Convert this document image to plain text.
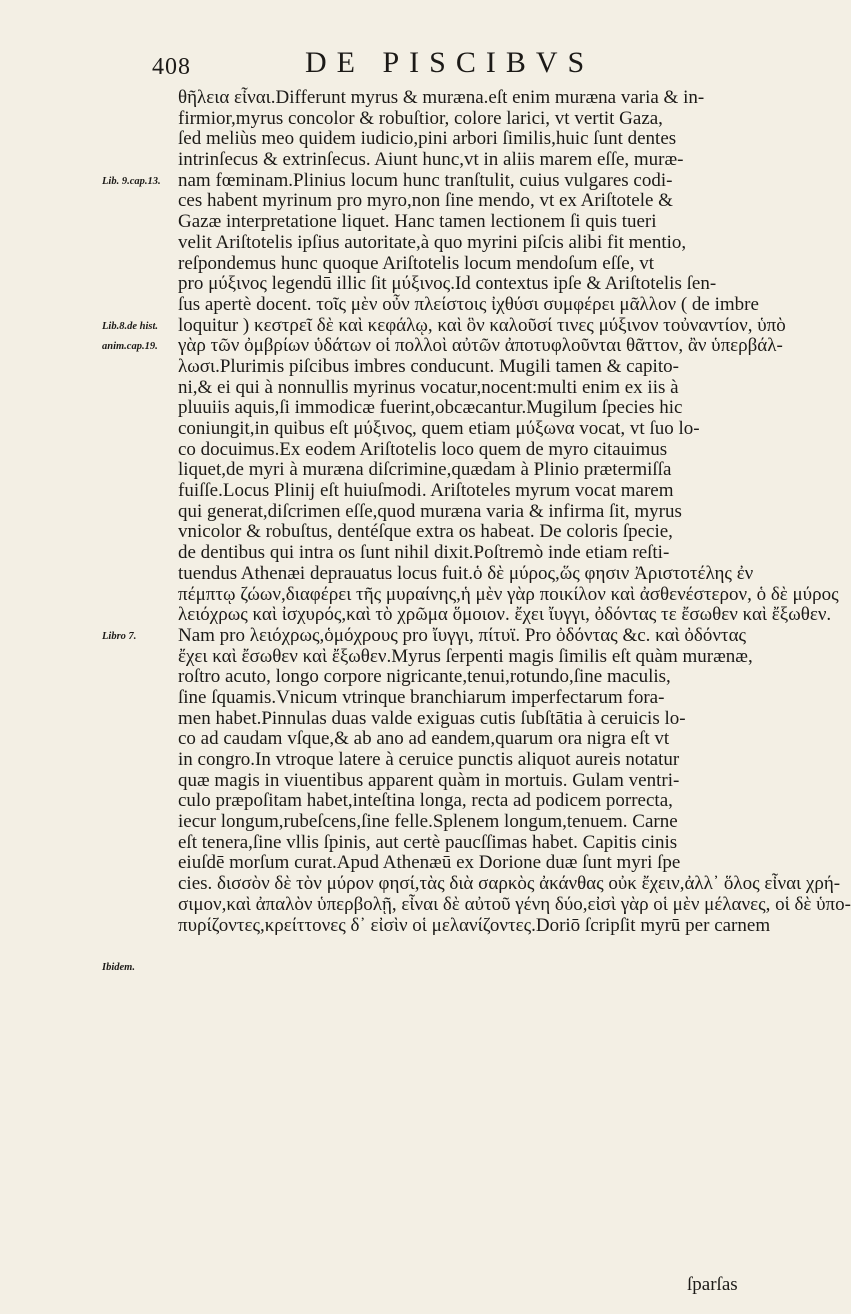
408	DE PISCIBVS
Lib. 9.cap.13.
Lib.8.de hist.
anim.cap.19.
Libro 7.
Ibidem.
θῆλεια εἶναι.Differunt myrus & muræna.eſt enim muræna varia & in-
firmior,myrus concolor & robuſtior, colore larici, vt vertit Gaza,
ſed meliùs meo quidem iudicio,pini arbori ſimilis,huic ſunt dentes
intrinſecus & extrinſecus. Aiunt hunc,vt in aliis marem eſſe, muræ-
nam fœminam.Plinius locum hunc tranſtulit, cuius vulgares codi-
ces habent myrinum pro myro,non ſine mendo, vt ex Ariſtotele &
Gazæ interpretatione liquet. Hanc tamen lectionem ſi quis tueri
velit Ariſtotelis ipſius autoritate,à quo myrini piſcis alibi fit mentio,
reſpondemus hunc quoque Ariſtotelis locum mendoſum eſſe, vt
pro μύξινος legendū illic ſit μύξινος.Id contextus ipſe & Ariſtotelis ſen-
ſus apertè docent. τοῖς μὲν οὖν πλείστοις ἰχθύσι συμφέρει μᾶλλον ( de imbre
loquitur ) κεστρεῖ δὲ καὶ κεφάλῳ, καὶ ὃν καλοῦσί τινες μύξινον τοὐναντίον, ὑπὸ
γὰρ τῶν ὀμβρίων ὑδάτων οἱ πολλοὶ αὐτῶν ἀποτυφλοῦνται θᾶττον, ἂν ὑπερβάλ-
λωσι.Plurimis piſcibus imbres conducunt. Mugili tamen & capito-
ni,& ei qui à nonnullis myrinus vocatur,nocent:multi enim ex iis à
pluuiis aquis,ſi immodicæ fuerint,obcæcantur.Mugilum ſpecies hic
coniungit,in quibus eſt μύξινος, quem etiam μύξωνα vocat, vt ſuo lo-
co docuimus.Ex eodem Ariſtotelis loco quem de myro citauimus
liquet,de myri à muræna diſcrimine,quædam à Plinio prætermiſſa
fuiſſe.Locus Plinij eſt huiuſmodi. Ariſtoteles myrum vocat marem
qui generat,diſcrimen eſſe,quod muræna varia & infirma ſit, myrus
vnicolor & robuſtus, dentéſque extra os habeat. De coloris ſpecie,
de dentibus qui intra os ſunt nihil dixit.Poſtremò inde etiam reſti-
tuendus Athenæi deprauatus locus fuit.ὁ δὲ μύρος,ὥς φησιν Ἀριστοτέλης ἐν
πέμπτῳ ζώων,διαφέρει τῆς μυραίνης,ἡ μὲν γὰρ ποικίλον καὶ ἀσθενέστερον, ὁ δὲ μύρος
λειόχρως καὶ ἰσχυρός,καὶ τὸ χρῶμα ὅμοιον. ἔχει ἴυγγι, ὀδόντας τε ἔσωθεν καὶ ἔξωθεν.
Nam pro λειόχρως,ὁμόχρους pro ἴυγγι, πίτυϊ. Pro ὀδόντας &c. καὶ ὀδόντας
ἔχει καὶ ἔσωθεν καὶ ἔξωθεν.Myrus ſerpenti magis ſimilis eſt quàm murænæ,
roſtro acuto, longo corpore nigricante,tenui,rotundo,ſine maculis,
ſine ſquamis.Vnicum vtrinque branchiarum imperfectarum fora-
men habet.Pinnulas duas valde exiguas cutis ſubſtātia à ceruicis lo-
co ad caudam vſque,& ab ano ad eandem,quarum ora nigra eſt vt
in congro.In vtroque latere à ceruice punctis aliquot aureis notatur
quæ magis in viuentibus apparent quàm in mortuis. Gulam ventri-
culo præpoſitam habet,inteſtina longa, recta ad podicem porrecta,
iecur longum,rubeſcens,ſine felle.Splenem longum,tenuem. Carne
eſt tenera,ſine vllis ſpinis, aut certè paucſſimas habet. Capitis cinis
eiuſdē morſum curat.Apud Athenæū ex Dorione duæ ſunt myri ſpe
cies. δισσὸν δὲ τὸν μύρον φησί,τὰς διὰ σαρκὸς ἀκάνθας οὐκ ἔχειν,ἀλλ᾽ ὅλος εἶναι χρή-
σιμον,καὶ ἀπαλὸν ὑπερβολῇ, εἶναι δὲ αὐτοῦ γένη δύο,εἰσὶ γὰρ οἱ μὲν μέλανες, οἱ δὲ ὑπο-
πυρίζοντες,κρείττονες δ᾽ εἰσὶν οἱ μελανίζοντες.Doriō ſcripſit myrū per carnem
ſparſas
